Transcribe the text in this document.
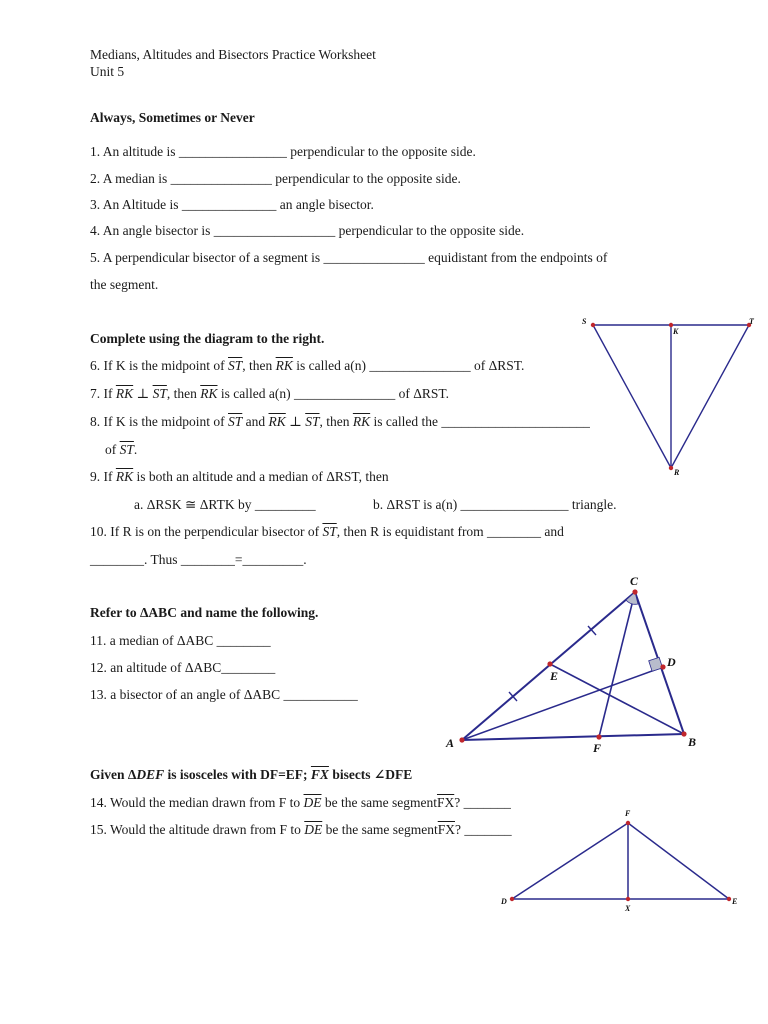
Medians, Altitudes and Bisectors Practice Worksheet
Unit 5
Always, Sometimes or Never
1. An altitude is ________________ perpendicular to the opposite side.
2. A median is _______________ perpendicular to the opposite side.
3. An Altitude is ______________ an angle bisector.
4. An angle bisector is __________________ perpendicular to the opposite side.
5. A perpendicular bisector of a segment is _______________ equidistant from the endpoints of
the segment.
Complete using the diagram to the right.
6. If K is the midpoint of $\overline{ST}$, then $\overline{RK}$ is called a(n) _______________ of ΔRST.
7. If $\overline{RK}$ ⊥ $\overline{ST}$, then $\overline{RK}$ is called a(n) _______________ of ΔRST.
8. If K is the midpoint of $\overline{ST}$ and $\overline{RK}$ ⊥ $\overline{ST}$, then $\overline{RK}$ is called the ______________________
of $\overline{ST}$.
9. If $\overline{RK}$ is both an altitude and a median of ΔRST, then
a. ΔRSK ≅ ΔRTK by _________	b. ΔRST is a(n) ________________ triangle.
10. If R is on the perpendicular bisector of $\overline{ST}$, then R is equidistant from ________ and
________. Thus ________=_________.
S	T
K
R
Refer to ΔABC and name the following.
11. a median of ΔABC ________
12. an altitude of ΔABC________
13. a bisector of an angle of ΔABC ___________
A	B
C
D
E
F
Given ΔDEF is isosceles with DF=EF; $\overline{FX}$ bisects ∠DFE
14. Would the median drawn from F to $\overline{DE}$ be the same $segment\overline{FX}$? _______
15. Would the altitude drawn from F to $\overline{DE}$ be the same $segment\overline{FX}$? _______
D	E
F
X
